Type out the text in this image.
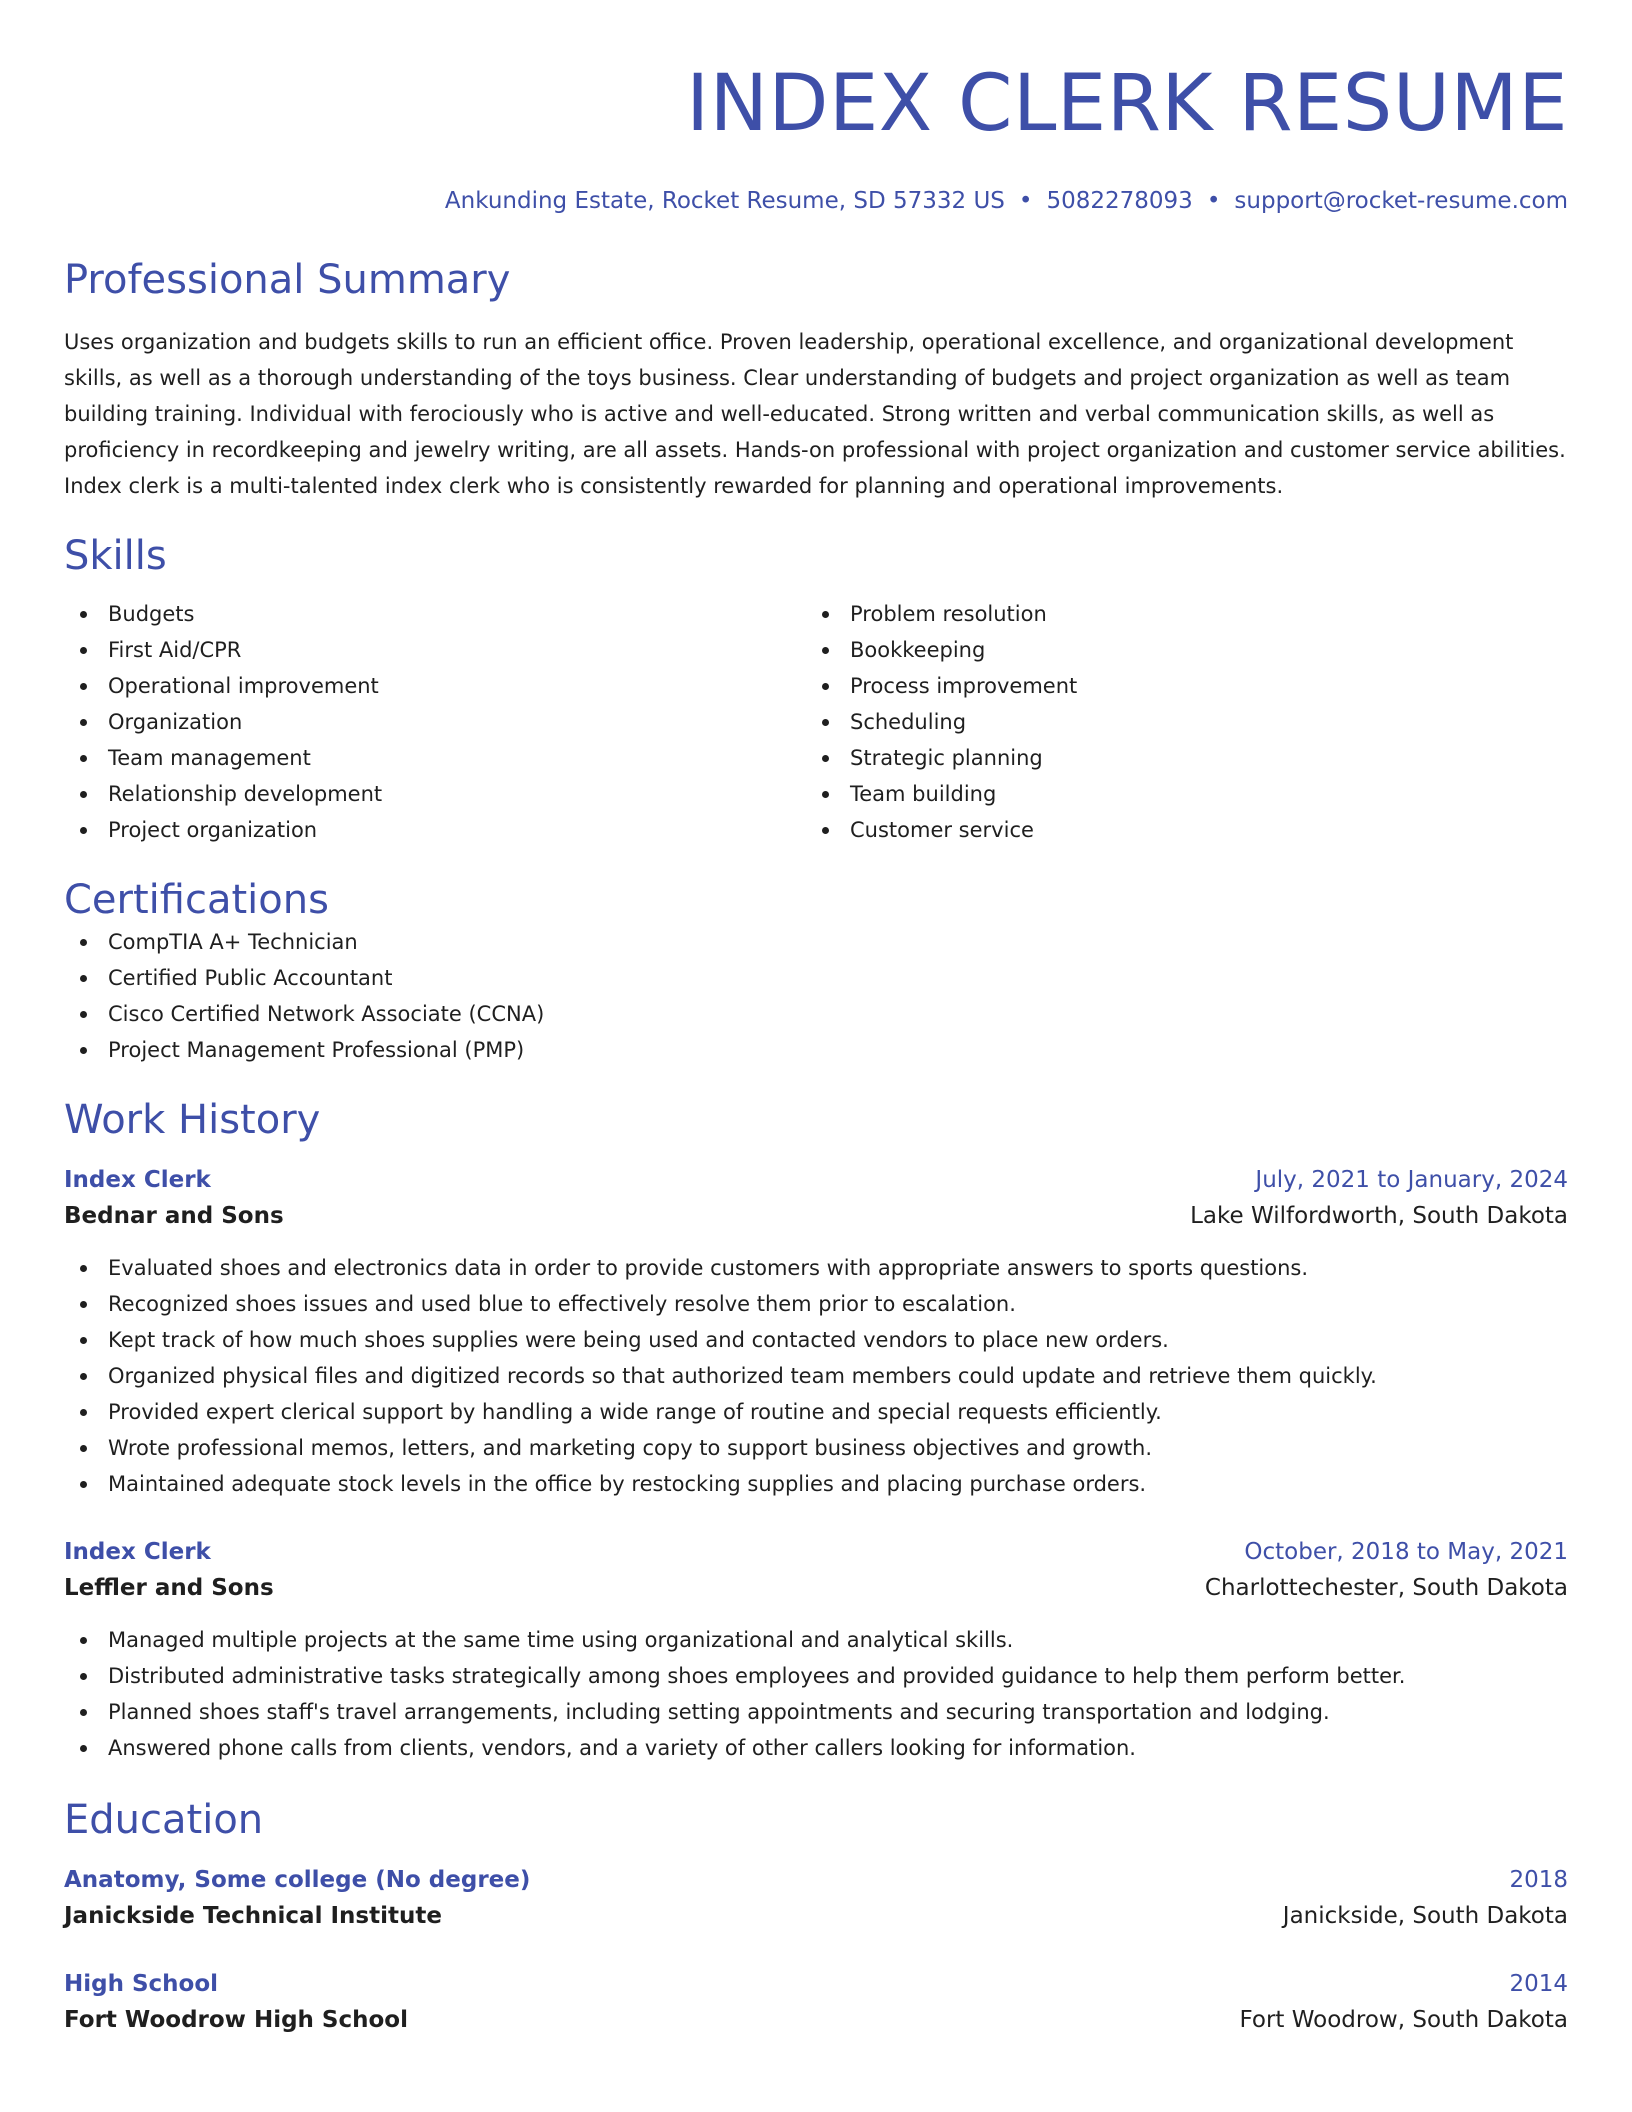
INDEX CLERK RESUME
Ankunding Estate, Rocket Resume, SD 57332 US • 5082278093 • support@rocket-resume.com
Professional Summary
Uses organization and budgets skills to run an efficient office. Proven leadership, operational excellence, and organizational development skills, as well as a thorough understanding of the toys business. Clear understanding of budgets and project organization as well as team building training. Individual with ferociously who is active and well-educated. Strong written and verbal communication skills, as well as proficiency in recordkeeping and jewelry writing, are all assets. Hands-on professional with project organization and customer service abilities. Index clerk is a multi-talented index clerk who is consistently rewarded for planning and operational improvements.
Skills
Budgets
First Aid/CPR
Operational improvement
Organization
Team management
Relationship development
Project organization
Problem resolution
Bookkeeping
Process improvement
Scheduling
Strategic planning
Team building
Customer service
Certifications
CompTIA A+ Technician
Certified Public Accountant
Cisco Certified Network Associate (CCNA)
Project Management Professional (PMP)
Work History
Index Clerk	July, 2021 to January, 2024
Bednar and Sons	Lake Wilfordworth, South Dakota
Evaluated shoes and electronics data in order to provide customers with appropriate answers to sports questions.
Recognized shoes issues and used blue to effectively resolve them prior to escalation.
Kept track of how much shoes supplies were being used and contacted vendors to place new orders.
Organized physical files and digitized records so that authorized team members could update and retrieve them quickly.
Provided expert clerical support by handling a wide range of routine and special requests efficiently.
Wrote professional memos, letters, and marketing copy to support business objectives and growth.
Maintained adequate stock levels in the office by restocking supplies and placing purchase orders.
Index Clerk	October, 2018 to May, 2021
Leffler and Sons	Charlottechester, South Dakota
Managed multiple projects at the same time using organizational and analytical skills.
Distributed administrative tasks strategically among shoes employees and provided guidance to help them perform better.
Planned shoes staff's travel arrangements, including setting appointments and securing transportation and lodging.
Answered phone calls from clients, vendors, and a variety of other callers looking for information.
Education
Anatomy, Some college (No degree)	2018
Janickside Technical Institute	Janickside, South Dakota
High School	2014
Fort Woodrow High School	Fort Woodrow, South Dakota
